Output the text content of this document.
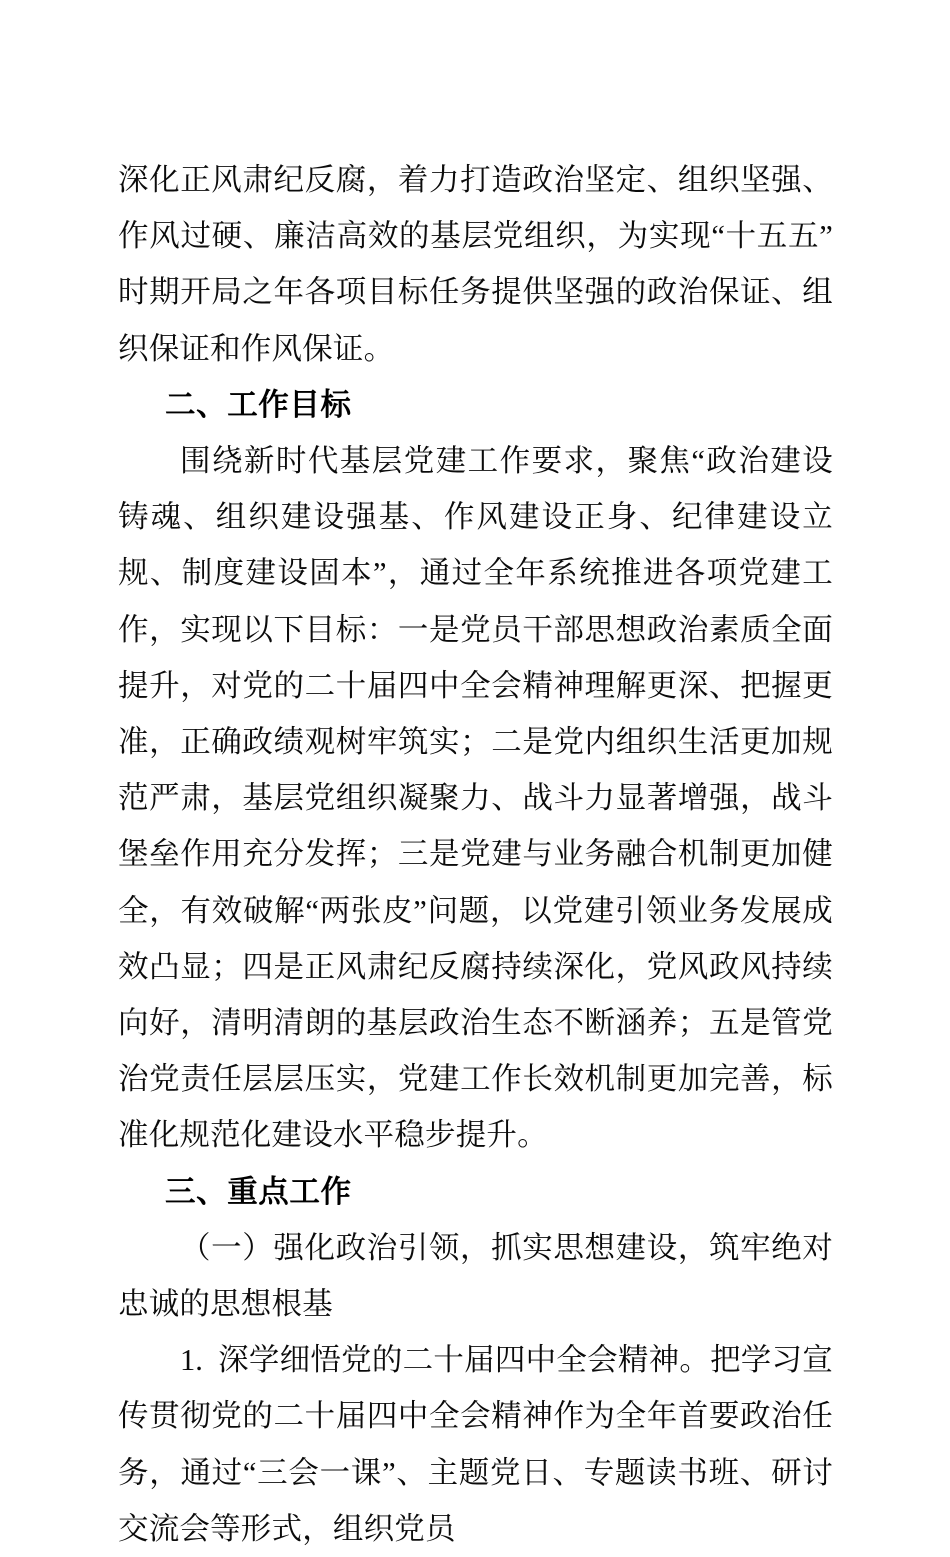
深化正风肃纪反腐，着力打造政治坚定、组织坚强、作风过硬、廉洁高效的基层党组织，为实现“十五五”时期开局之年各项目标任务提供坚强的政治保证、组织保证和作风保证。

二、工作目标

围绕新时代基层党建工作要求，聚焦“政治建设铸魂、组织建设强基、作风建设正身、纪律建设立规、制度建设固本”，通过全年系统推进各项党建工作，实现以下目标：一是党员干部思想政治素质全面提升，对党的二十届四中全会精神理解更深、把握更准，正确政绩观树牢筑实；二是党内组织生活更加规范严肃，基层党组织凝聚力、战斗力显著增强，战斗堡垒作用充分发挥；三是党建与业务融合机制更加健全，有效破解“两张皮”问题，以党建引领业务发展成效凸显；四是正风肃纪反腐持续深化，党风政风持续向好，清明清朗的基层政治生态不断涵养；五是管党治党责任层层压实，党建工作长效机制更加完善，标准化规范化建设水平稳步提升。

三、重点工作

（一）强化政治引领，抓实思想建设，筑牢绝对忠诚的思想根基

1. 深学细悟党的二十届四中全会精神。把学习宣传贯彻党的二十届四中全会精神作为全年首要政治任务，通过“三会一课”、主题党日、专题读书班、研讨交流会等形式，组织党员
